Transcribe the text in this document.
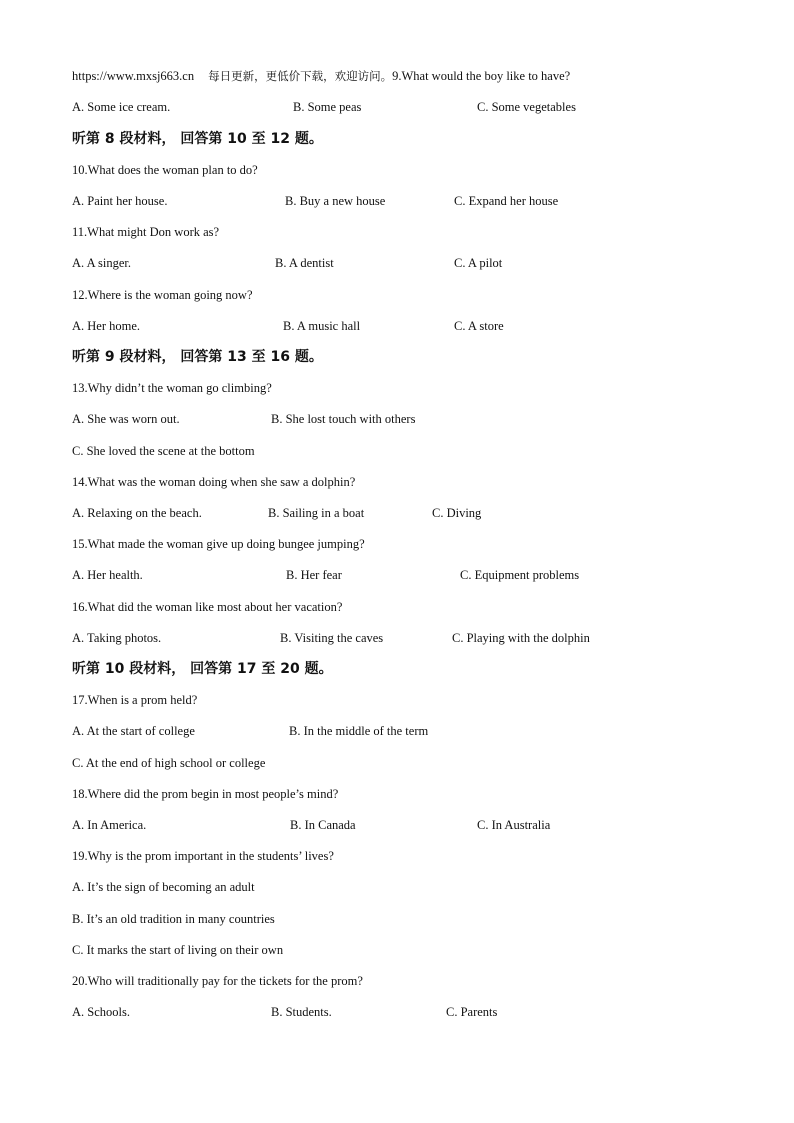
https://www.mxsj663.cn 每日更新，更低价下载，欢迎访问。9.What would the boy like to have?
A. Some ice cream.	B. Some peas	C. Some vegetables
听第 8 段材料， 回答第 10 至 12 题。
10.What does the woman plan to do?
A. Paint her house.	B. Buy a new house	C. Expand her house
11.What might Don work as?
A. A singer.	B. A dentist	C. A pilot
12.Where is the woman going now?
A. Her home.	B. A music hall	C. A store
听第 9 段材料， 回答第 13 至 16 题。
13.Why didn’t the woman go climbing?
A. She was worn out.	B. She lost touch with others
C. She loved the scene at the bottom
14.What was the woman doing when she saw a dolphin?
A. Relaxing on the beach.	B. Sailing in a boat	C. Diving
15.What made the woman give up doing bungee jumping?
A. Her health.	B. Her fear	C. Equipment problems
16.What did the woman like most about her vacation?
A. Taking photos.	B. Visiting the caves	C. Playing with the dolphin
听第 10 段材料， 回答第 17 至 20 题。
17.When is a prom held?
A. At the start of college	B. In the middle of the term
C. At the end of high school or college
18.Where did the prom begin in most people’s mind?
A. In America.	B. In Canada	C. In Australia
19.Why is the prom important in the students’ lives?
A. It’s the sign of becoming an adult
B. It’s an old tradition in many countries
C. It marks the start of living on their own
20.Who will traditionally pay for the tickets for the prom?
A. Schools.	B. Students.	C. Parents
